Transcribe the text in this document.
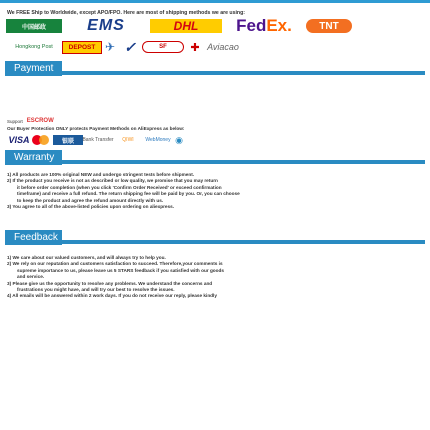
We FREE Ship to Worldwide, except APO/FPO. Here are most of shipping methods we are using:
中国邮政	EMS	DHL	Fed Ex.	TNT
Hongkong Post	DEPOST ✈ ✓	SF	✚ Aviacao
Payment
Support ESCROW
Our Buyer Protection ONLY protects Payment Methods on AliExpress as below:
VISA	银联	Bank Transfer	QIWI	WebMoney ◉
Warranty
1) All products are 100% original NEW and undergo stringent tests before shipment.
2) If the product you receive is not as described or low quality, we promise that you may return
it before order completion (when you click 'Confirm Order Received' or exceed confirmation
timeframe) and receive a full refund. The return shipping fee will be paid by you. Or, you can choose
to keep the product and agree the refund amount directly with us.
3) You agree to all of the above-listed policies upon ordering on aliexpress.
Feedback
1) We care about our valued customers, and will always try to help you.
2) We rely on our reputation and customers satisfaction to succeed. Therefore,your comments is
supreme importance to us, please leave us 5 STARS feedback if you satisfied with our goods
and service.
3) Please give us the opportunity to resolve any problems. We understand the concerns and
frustrations you might have, and will try our best to resolve the issues.
4) All emails will be answered within 2 work days. If you do not receive our reply, please kindly
